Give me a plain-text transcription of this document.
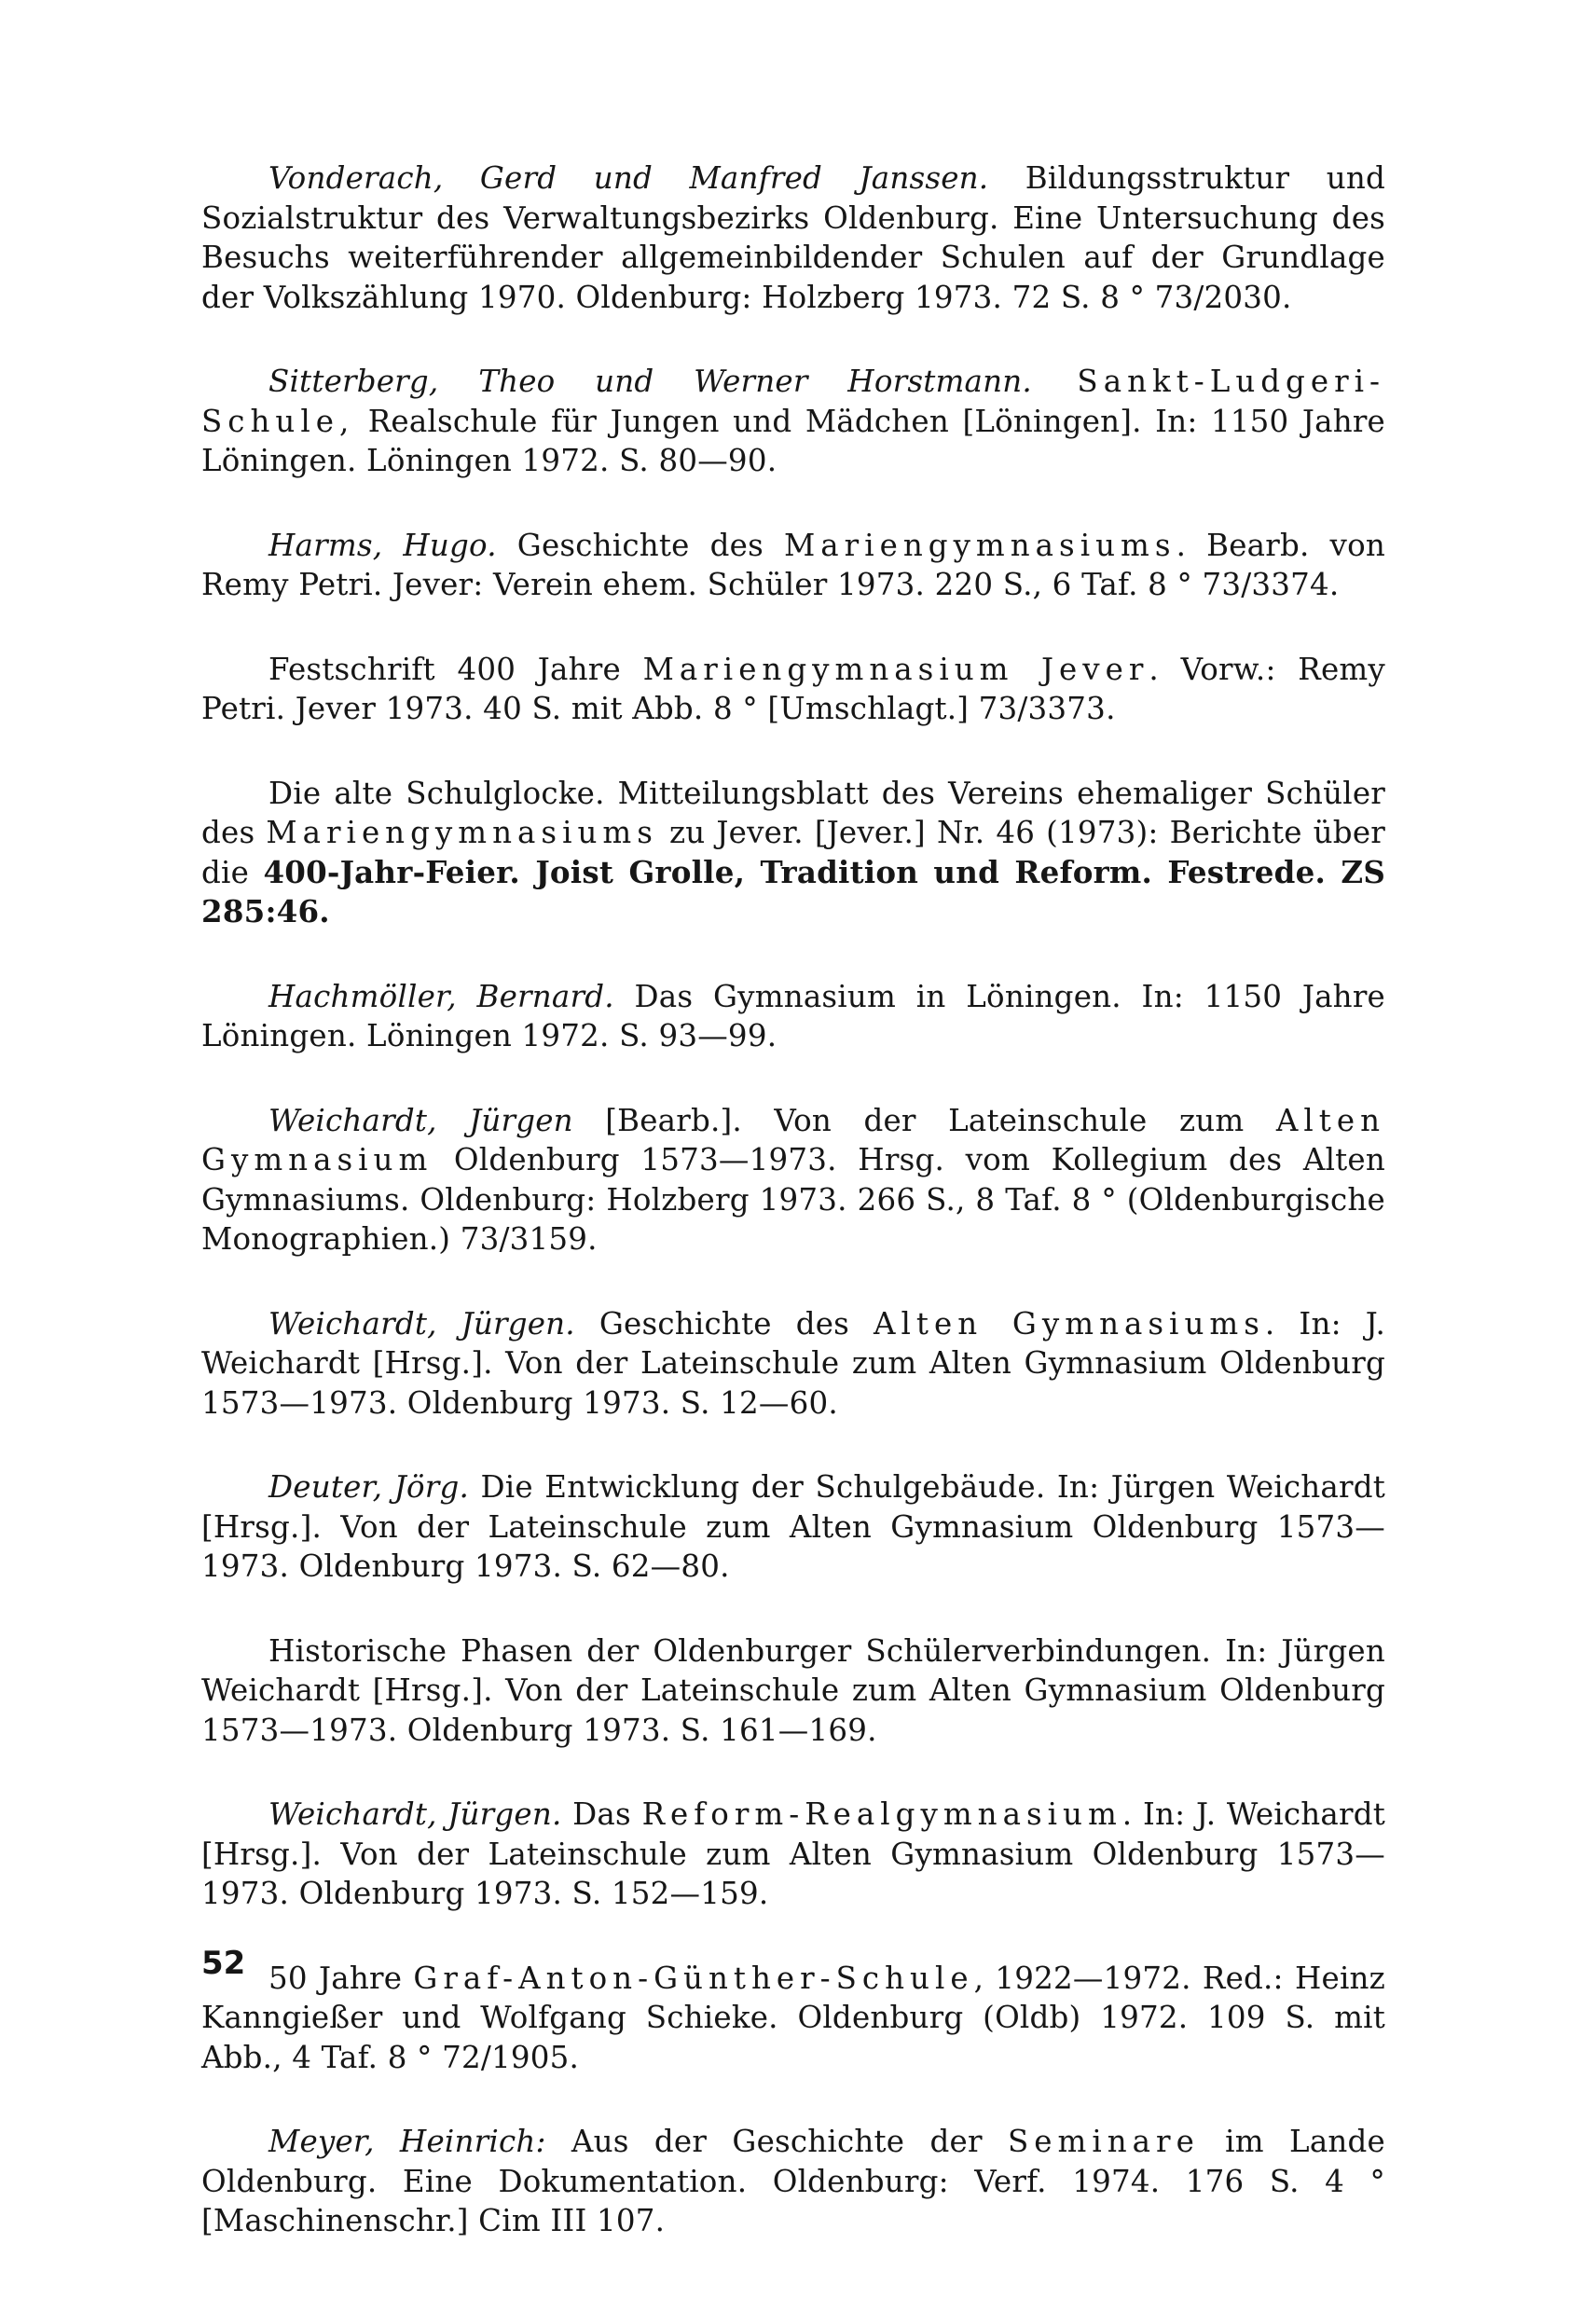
Vonderach, Gerd und Manfred Janssen. Bildungsstruktur und Sozialstruktur des Verwaltungsbezirks Oldenburg. Eine Untersuchung des Besuchs weiterführender allgemeinbildender Schulen auf der Grundlage der Volkszählung 1970. Oldenburg: Holzberg 1973. 72 S. 8 ° 73/2030.

Sitterberg, Theo und Werner Horstmann. Sankt-Ludgeri-Schule, Realschule für Jungen und Mädchen [Löningen]. In: 1150 Jahre Löningen. Löningen 1972. S. 80—90.

Harms, Hugo. Geschichte des Mariengymnasiums. Bearb. von Remy Petri. Jever: Verein ehem. Schüler 1973. 220 S., 6 Taf. 8 ° 73/3374.

Festschrift 400 Jahre Mariengymnasium Jever. Vorw.: Remy Petri. Jever 1973. 40 S. mit Abb. 8 ° [Umschlagt.] 73/3373.

Die alte Schulglocke. Mitteilungsblatt des Vereins ehemaliger Schüler des Mariengymnasiums zu Jever. [Jever.] Nr. 46 (1973): Berichte über die 400-Jahr-Feier. Joist Grolle, Tradition und Reform. Festrede. ZS 285:46.

Hachmöller, Bernard. Das Gymnasium in Löningen. In: 1150 Jahre Löningen. Löningen 1972. S. 93—99.

Weichardt, Jürgen [Bearb.]. Von der Lateinschule zum Alten Gymnasium Oldenburg 1573—1973. Hrsg. vom Kollegium des Alten Gymnasiums. Oldenburg: Holzberg 1973. 266 S., 8 Taf. 8 ° (Oldenburgische Monographien.) 73/3159.

Weichardt, Jürgen. Geschichte des Alten Gymnasiums. In: J. Weichardt [Hrsg.]. Von der Lateinschule zum Alten Gymnasium Oldenburg 1573—1973. Oldenburg 1973. S. 12—60.

Deuter, Jörg. Die Entwicklung der Schulgebäude. In: Jürgen Weichardt [Hrsg.]. Von der Lateinschule zum Alten Gymnasium Oldenburg 1573—1973. Oldenburg 1973. S. 62—80.

Historische Phasen der Oldenburger Schülerverbindungen. In: Jürgen Weichardt [Hrsg.]. Von der Lateinschule zum Alten Gymnasium Oldenburg 1573—1973. Oldenburg 1973. S. 161—169.

Weichardt, Jürgen. Das Reform-Realgymnasium. In: J. Weichardt [Hrsg.]. Von der Lateinschule zum Alten Gymnasium Oldenburg 1573—1973. Oldenburg 1973. S. 152—159.

50 Jahre Graf-Anton-Günther-Schule, 1922—1972. Red.: Heinz Kanngießer und Wolfgang Schieke. Oldenburg (Oldb) 1972. 109 S. mit Abb., 4 Taf. 8 ° 72/1905.

Meyer, Heinrich: Aus der Geschichte der Seminare im Lande Oldenburg. Eine Dokumentation. Oldenburg: Verf. 1974. 176 S. 4 ° [Maschinenschr.] Cim III 107.

52
